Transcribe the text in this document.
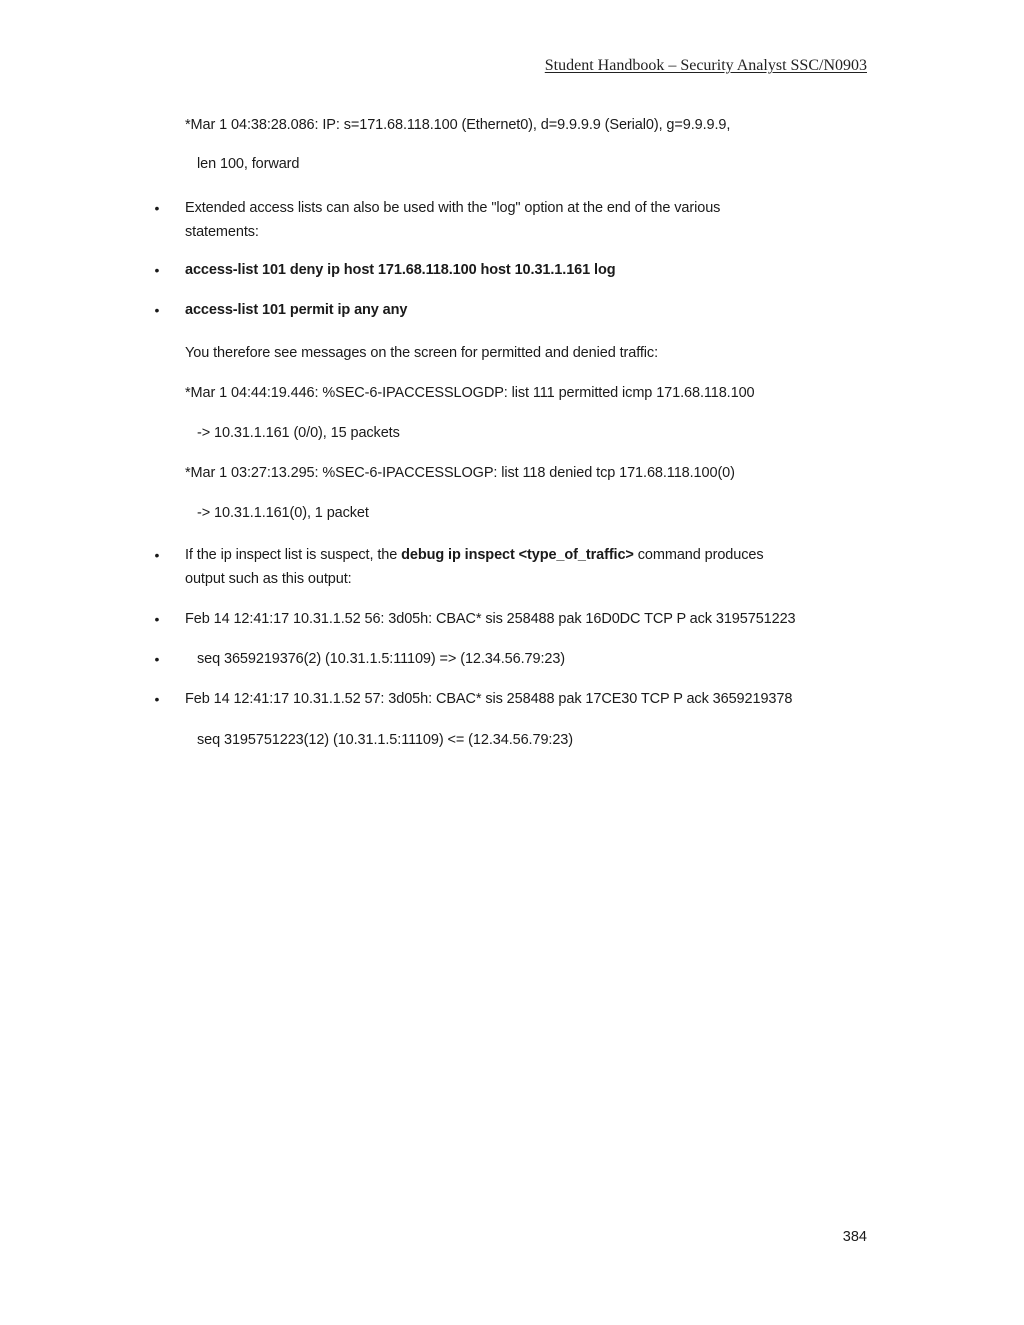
Student Handbook – Security Analyst SSC/N0903
*Mar 1 04:38:28.086: IP: s=171.68.118.100 (Ethernet0), d=9.9.9.9 (Serial0), g=9.9.9.9,
len 100, forward
• Extended access lists can also be used with the "log" option at the end of the various
statements:
• access-list 101 deny ip host 171.68.118.100 host 10.31.1.161 log
• access-list 101 permit ip any any
You therefore see messages on the screen for permitted and denied traffic:
*Mar 1 04:44:19.446: %SEC-6-IPACCESSLOGDP: list 111 permitted icmp 171.68.118.100
-> 10.31.1.161 (0/0), 15 packets
*Mar 1 03:27:13.295: %SEC-6-IPACCESSLOGP: list 118 denied tcp 171.68.118.100(0)
-> 10.31.1.161(0), 1 packet
• If the ip inspect list is suspect, the debug ip inspect <type_of_traffic> command produces
output such as this output:
• Feb 14 12:41:17 10.31.1.52 56: 3d05h: CBAC* sis 258488 pak 16D0DC TCP P ack 3195751223
•	seq 3659219376(2) (10.31.1.5:11109) => (12.34.56.79:23)
• Feb 14 12:41:17 10.31.1.52 57: 3d05h: CBAC* sis 258488 pak 17CE30 TCP P ack 3659219378
seq 3195751223(12) (10.31.1.5:11109) <= (12.34.56.79:23)
384
